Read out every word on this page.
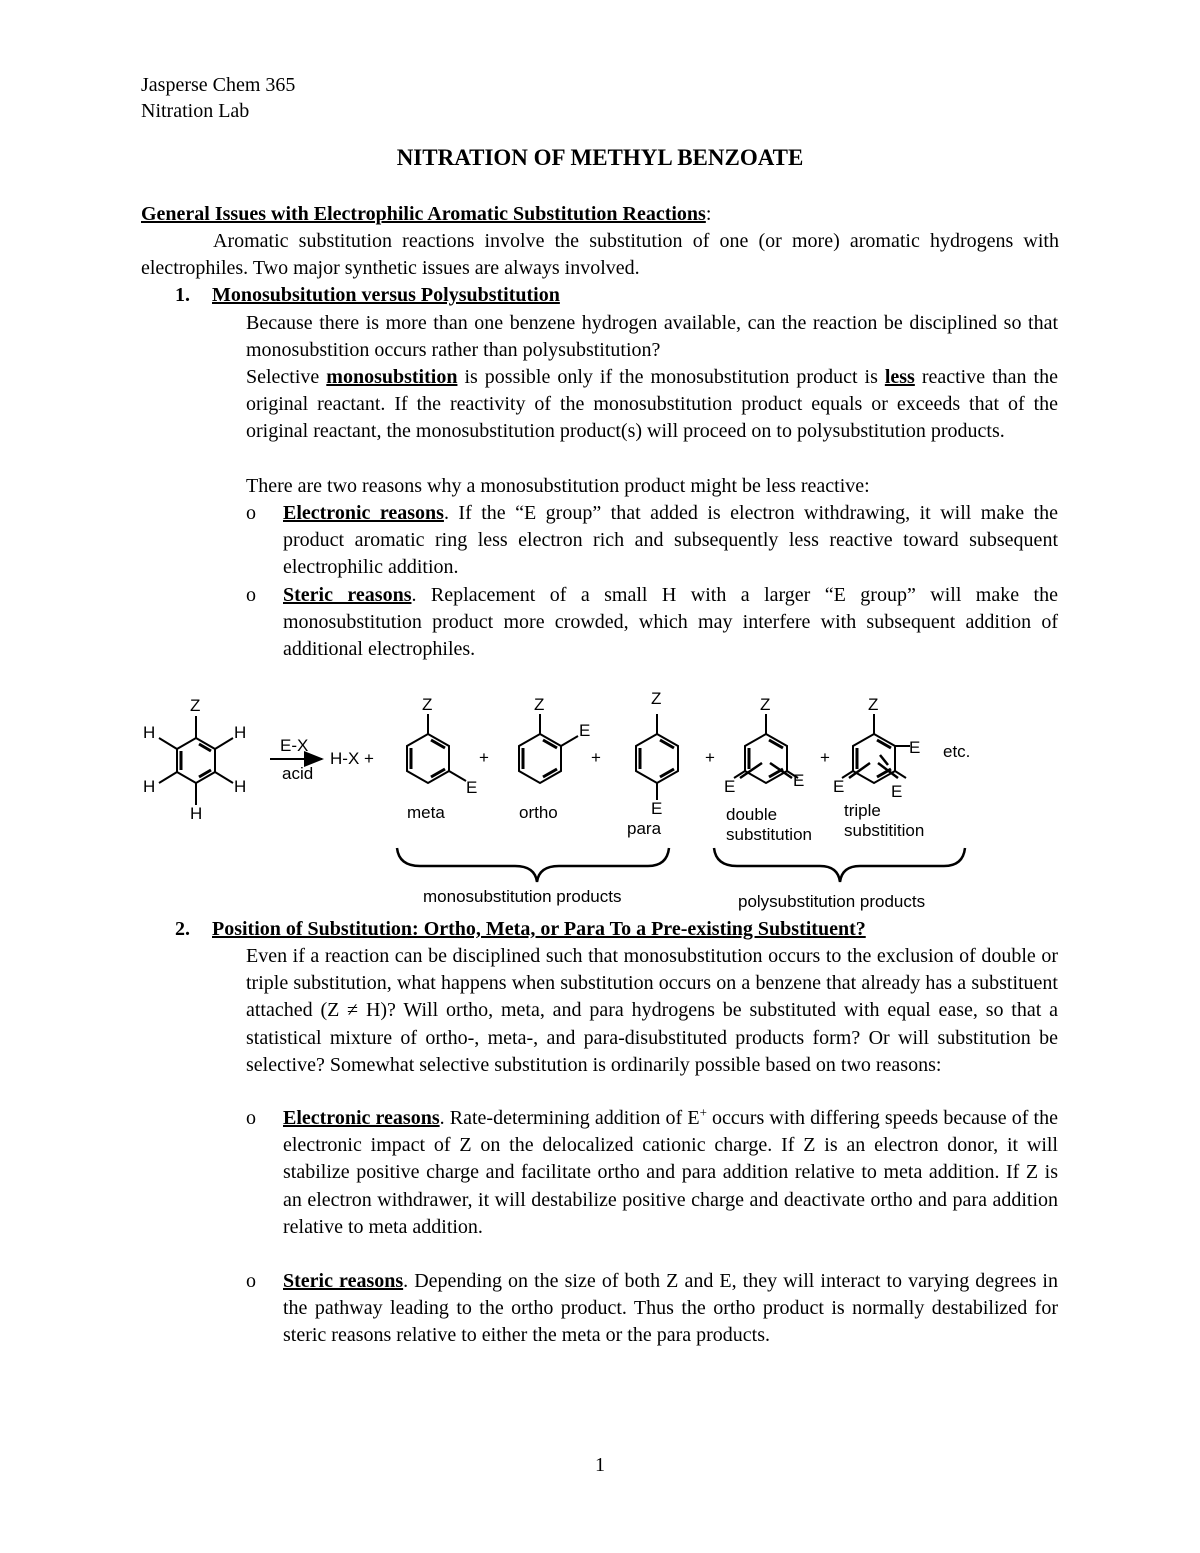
Jasperse Chem 365
Nitration Lab
NITRATION OF METHYL BENZOATE
General Issues with Electrophilic Aromatic Substitution Reactions:
Aromatic substitution reactions involve the substitution of one (or more) aromatic hydrogens with electrophiles. Two major synthetic issues are always involved.
1. Monosubsitution versus Polysubstitution
Because there is more than one benzene hydrogen available, can the reaction be disciplined so that monosubstition occurs rather than polysubstitution?
Selective monosubstition is possible only if the monosubstitution product is less reactive than the original reactant. If the reactivity of the monosubstitution product equals or exceeds that of the original reactant, the monosubstitution product(s) will proceed on to polysubstitution products.
There are two reasons why a monosubstitution product might be less reactive:
o Electronic reasons. If the “E group” that added is electron withdrawing, it will make the product aromatic ring less electron rich and subsequently less reactive toward subsequent electrophilic addition.
o Steric reasons. Replacement of a small H with a larger “E group” will make the monosubstitution product more crowded, which may interfere with subsequent addition of additional electrophiles.
Z
H
H
H
H
H
E-X
acid
H-X +
Z
E
meta
+
Z
E
ortho
+
Z
E
para
+
Z
E	E
double
substitution
+
Z
E
E	E
etc.
triple
substitition
monosubstitution products	polysubstitution products
2. Position of Substitution: Ortho, Meta, or Para To a Pre-existing Substituent?
Even if a reaction can be disciplined such that monosubstitution occurs to the exclusion of double or triple substitution, what happens when substitution occurs on a benzene that already has a substituent attached (Z ≠ H)? Will ortho, meta, and para hydrogens be substituted with equal ease, so that a statistical mixture of ortho-, meta-, and para-disubstituted products form? Or will substitution be selective? Somewhat selective substitution is ordinarily possible based on two reasons:
o Electronic reasons. Rate-determining addition of E+ occurs with differing speeds because of the electronic impact of Z on the delocalized cationic charge. If Z is an electron donor, it will stabilize positive charge and facilitate ortho and para addition relative to meta addition. If Z is an electron withdrawer, it will destabilize positive charge and deactivate ortho and para addition relative to meta addition.
o Steric reasons. Depending on the size of both Z and E, they will interact to varying degrees in the pathway leading to the ortho product. Thus the ortho product is normally destabilized for steric reasons relative to either the meta or the para products.
1
